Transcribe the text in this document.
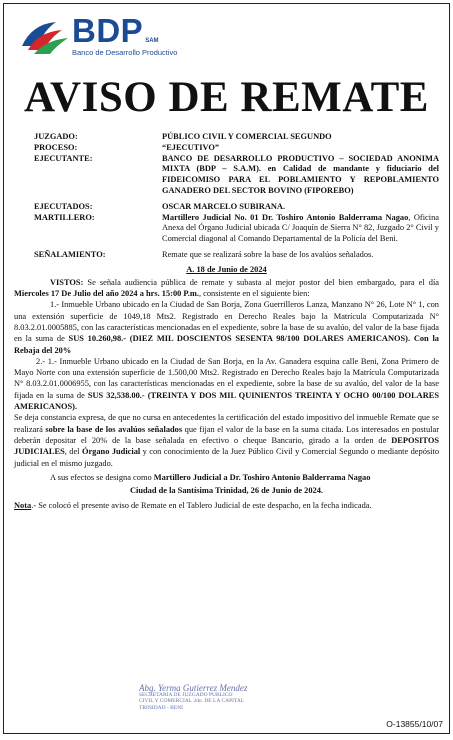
BDP SAM
Banco de Desarrollo Productivo
AVISO DE REMATE
JUZGADO:	PÚBLICO CIVIL Y COMERCIAL SEGUNDO
PROCESO:	“EJECUTIVO”
EJECUTANTE:	BANCO DE DESARROLLO PRODUCTIVO – SOCIEDAD ANONIMA MIXTA (BDP – S.A.M). en Calidad de mandante y fiduciario del FIDEICOMISO PARA EL POBLAMIENTO Y REPOBLAMIENTO GANADERO DEL SECTOR BOVINO (FIPOREBO)
EJECUTADOS:	OSCAR MARCELO SUBIRANA.
MARTILLERO:	Martillero Judicial No. 01 Dr. Toshiro Antonio Balderrama Nagao, Oficina Anexa del Órgano Judicial ubicada C/ Joaquín de Sierra N° 82, Juzgado 2° Civil y Comercial diagonal al Comando Departamental de la Policía del Beni.
SEÑALAMIENTO:	Remate que se realizará sobre la base de los avalúos señalados.
A. 18 de Junio de 2024

VISTOS: Se señala audiencia pública de remate y subasta al mejor postor del bien embargado, para el día Miercoles 17 De Julio del año 2024 a hrs. 15:00 P.m., consistente en el siguiente bien:

1.- Inmueble Urbano ubicado en la Ciudad de San Borja, Zona Guerrilleros Lanza, Manzano N° 26, Lote N° 1, con una extensión superficie de 1049,18 Mts2. Registrado en Derecho Reales bajo la Matrícula Computarizada N° 8.03.2.01.0005885, con las características mencionadas en el expediente, sobre la base de su avalúo, del valor de la base fijada en la suma de SUS 10.260,98.- (DIEZ MIL DOSCIENTOS SESENTA 98/100 DOLARES AMERICANOS). Con la Rebaja del 20%

2.- 1.- Inmueble Urbano ubicado en la Ciudad de San Borja, en la Av. Ganadera esquina calle Beni, Zona Primero de Mayo Norte con una extensión superficie de 1.500,00 Mts2. Registrado en Derecho Reales bajo la Matrícula Computarizada N° 8.03.2.01.0006955, con las características mencionadas en el expediente, sobre la base de su avalúo, del valor de la base fijada en la suma de SUS 32,538.00.- (TREINTA Y DOS MIL QUINIENTOS TREINTA Y OCHO 00/100 DOLARES AMERICANOS).

Se deja constancia expresa, de que no cursa en antecedentes la certificación del estado impositivo del inmueble Remate que se realizará sobre la base de los avalúos señalados que fijan el valor de la base en la suma citada. Los interesados en postular deberán depositar el 20% de la base señalada en efectivo o cheque Bancario, girado a la orden de DEPOSITOS JUDICIALES, del Órgano Judicial y con conocimiento de la Juez Público Civil y Comercial Segundo o mediante depósito judicial en el mismo juzgado.

A sus efectos se designa como Martillero Judicial a Dr. Toshiro Antonio Balderrama Nagao

Ciudad de la Santísima Trinidad, 26 de Junio de 2024.
Nota.- Se colocó el presente aviso de Remate en el Tablero Judicial de este despacho, en la fecha indicada.
Abg. Yerma Gutierrez Mendez
SECRETARIA DE JUZGADO PUBLICO
CIVIL Y COMERCIAL 2do. DE LA CAPITAL
TRINIDAD - BENI
O-13855/10/07
